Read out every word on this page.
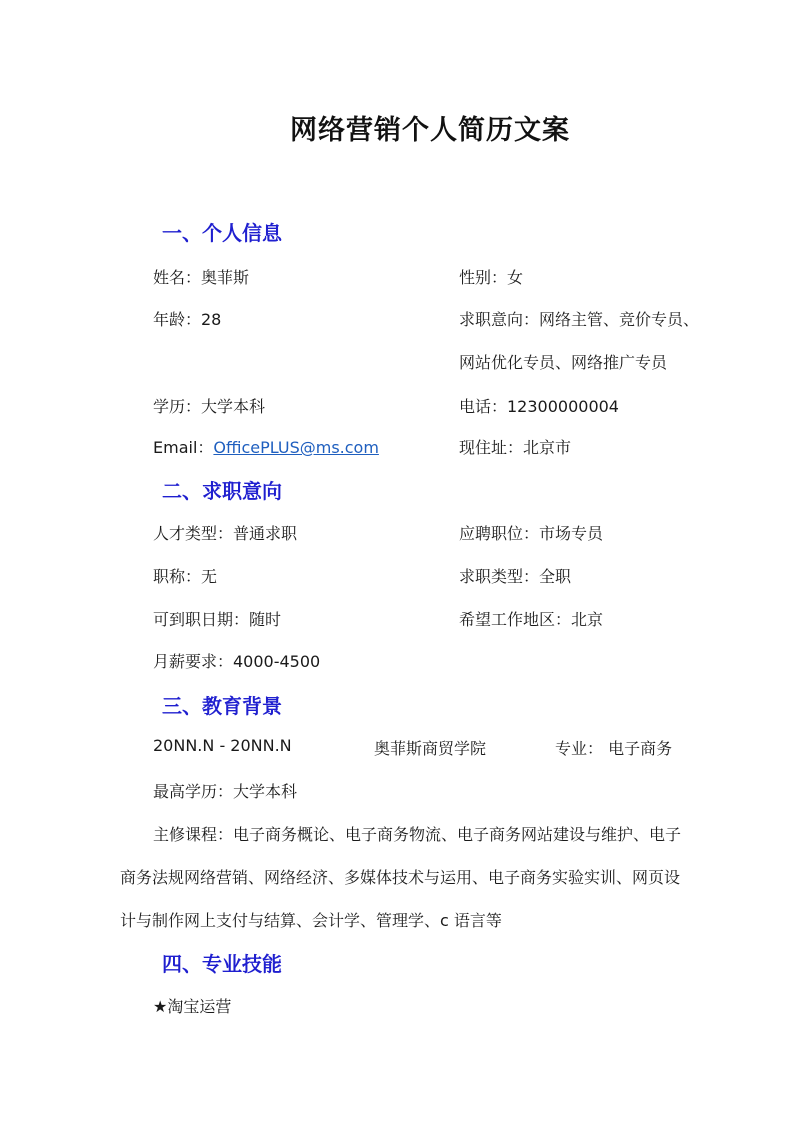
网络营销个人简历文案
一、个人信息
姓名：奥菲斯	性别：女
年龄：28	求职意向：网络主管、竞价专员、
网站优化专员、网络推广专员
学历：大学本科	电话：12300000004
Email：OfficePLUS@ms.com	现住址：北京市
二、求职意向
人才类型：普通求职	应聘职位：市场专员
职称：无	求职类型：全职
可到职日期：随时	希望工作地区：北京
月薪要求：4000-4500
三、教育背景
20NN.N - 20NN.N	奥菲斯商贸学院	专业： 电子商务
最高学历：大学本科
主修课程：电子商务概论、电子商务物流、电子商务网站建设与维护、电子
商务法规网络营销、网络经济、多媒体技术与运用、电子商务实验实训、网页设
计与制作网上支付与结算、会计学、管理学、c 语言等
四、专业技能
★淘宝运营
